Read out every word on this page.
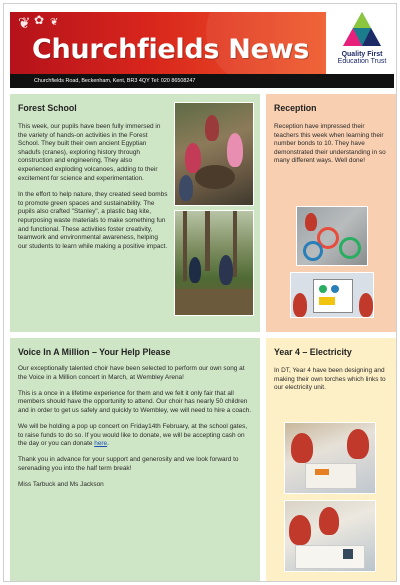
❦ ✿ ❦
Churchfields News	Quality First
Education Trust
Churchfields Road, Beckenham, Kent, BR3 4QY Tel: 020 86508247
Forest School

This week, our pupils have been fully immersed in the variety of hands-on activities in the Forest School. They built their own ancient Egyptian shadufs (cranes), exploring history through construction and engineering. They also experienced exploding volcanoes, adding to their excitement for science and experimentation.

In the effort to help nature, they created seed bombs to promote green spaces and sustainability. The pupils also crafted "Stanley", a plastic bag kite, repurposing waste materials to make something fun and functional. These activities foster creativity, teamwork and environmental awareness, helping our students to learn while making a positive impact.

Reception

Reception have impressed their teachers this week when learning their number bonds to 10. They have demonstrated their understanding in so many different ways. Well done!

Voice In A Million – Your Help Please

Our exceptionally talented choir have been selected to perform our own song at the Voice in a Million concert in March, at Wembley Arena!

This is a once in a lifetime experience for them and we felt it only fair that all members should have the opportunity to attend. Our choir has nearly 50 children and in order to get us safely and quickly to Wembley, we will need to hire a coach.

We will be holding a pop up concert on Friday14th February, at the school gates, to raise funds to do so. If you would like to donate, we will be accepting cash on the day or you can donate here.

Thank you in advance for your support and generosity and we look forward to serenading you into the half term break!

Miss Tarbuck and Ms Jackson

Year 4 – Electricity

In DT, Year 4 have been designing and making their own torches which links to our electricity unit.
